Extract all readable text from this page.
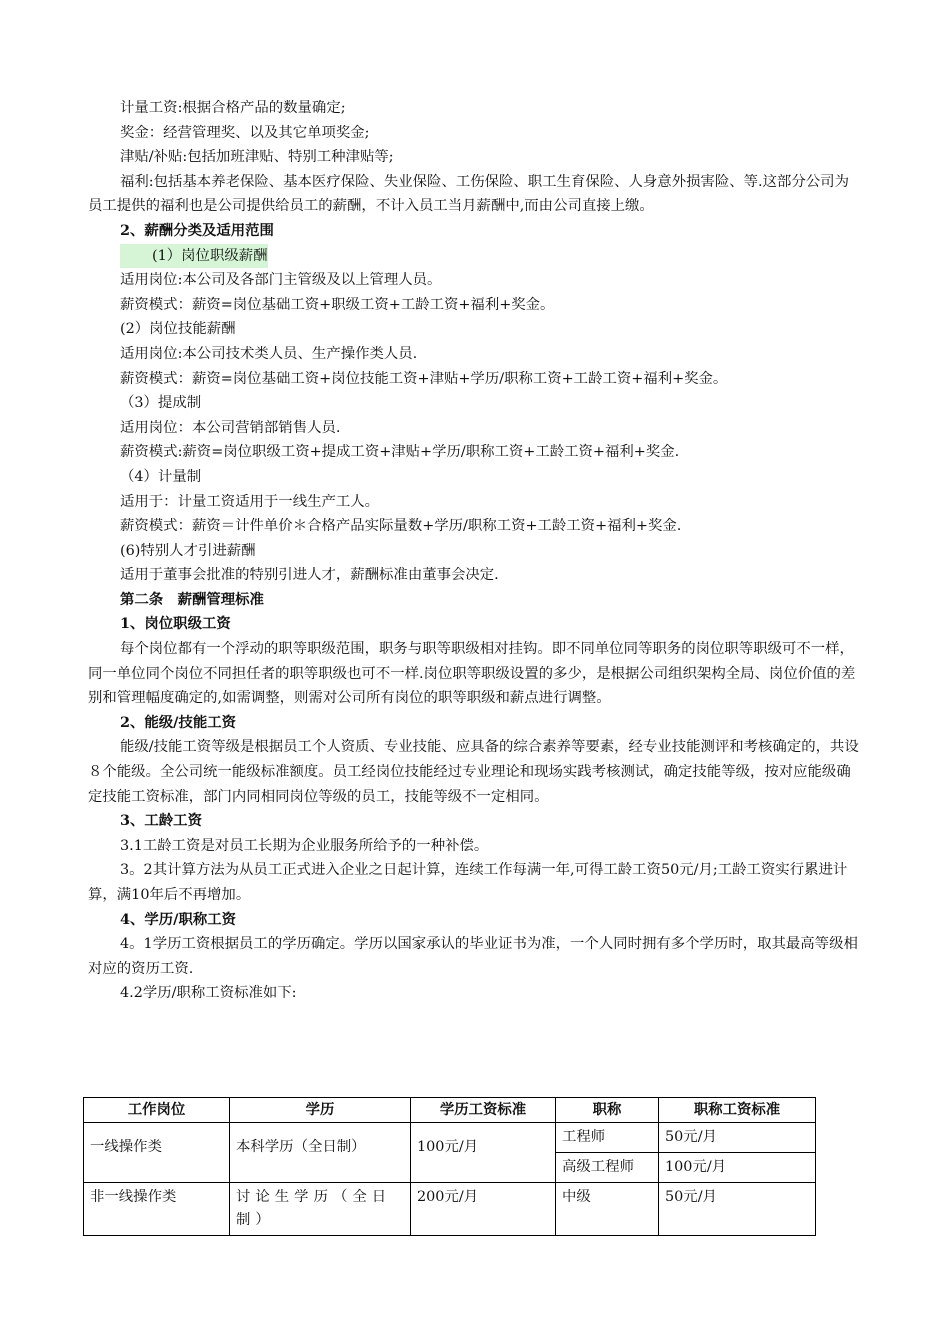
计量工资:根据合格产品的数量确定;

奖金：经营管理奖、以及其它单项奖金;

津贴/补贴:包括加班津贴、特别工种津贴等;

福利:包括基本养老保险、基本医疗保险、失业保险、工伤保险、职工生育保险、人身意外损害险、等.这部分公司为员工提供的福利也是公司提供给员工的薪酬，不计入员工当月薪酬中,而由公司直接上缴。

2、薪酬分类及适用范围

(1）岗位职级薪酬

适用岗位:本公司及各部门主管级及以上管理人员。

薪资模式：薪资=岗位基础工资+职级工资+工龄工资+福利+奖金。

(2）岗位技能薪酬

适用岗位:本公司技术类人员、生产操作类人员.

薪资模式：薪资=岗位基础工资+岗位技能工资+津贴+学历/职称工资+工龄工资+福利+奖金。

（3）提成制

适用岗位：本公司营销部销售人员.

薪资模式:薪资=岗位职级工资+提成工资+津贴+学历/职称工资+工龄工资+福利+奖金.

（4）计量制

适用于：计量工资适用于一线生产工人。

薪资模式：薪资＝计件单价＊合格产品实际量数+学历/职称工资+工龄工资+福利+奖金.

(6)特别人才引进薪酬

适用于董事会批准的特别引进人才，薪酬标准由董事会决定.

第二条　薪酬管理标准

1、岗位职级工资

每个岗位都有一个浮动的职等职级范围，职务与职等职级相对挂钩。即不同单位同等职务的岗位职等职级可不一样，同一单位同个岗位不同担任者的职等职级也可不一样.岗位职等职级设置的多少，是根据公司组织架构全局、岗位价值的差别和管理幅度确定的,如需调整，则需对公司所有岗位的职等职级和薪点进行调整。

2、能级/技能工资

能级/技能工资等级是根据员工个人资质、专业技能、应具备的综合素养等要素，经专业技能测评和考核确定的，共设８个能级。全公司统一能级标准额度。员工经岗位技能经过专业理论和现场实践考核测试，确定技能等级，按对应能级确定技能工资标准，部门内同相同岗位等级的员工，技能等级不一定相同。

3、工龄工资

3.1工龄工资是对员工长期为企业服务所给予的一种补偿。

3。2其计算方法为从员工正式进入企业之日起计算，连续工作每满一年,可得工龄工资50元/月;工龄工资实行累进计算，满10年后不再增加。

4、学历/职称工资

4。1学历工资根据员工的学历确定。学历以国家承认的毕业证书为准，一个人同时拥有多个学历时，取其最高等级相对应的资历工资.

4.2学历/职称工资标准如下:

工作岗位	学历	学历工资标准	职称	职称工资标准
一线操作类	本科学历（全日制）	100元/月	工程师	50元/月
			高级工程师	100元/月
非一线操作类	讨论生学历（全日制）	200元/月	中级	50元/月
